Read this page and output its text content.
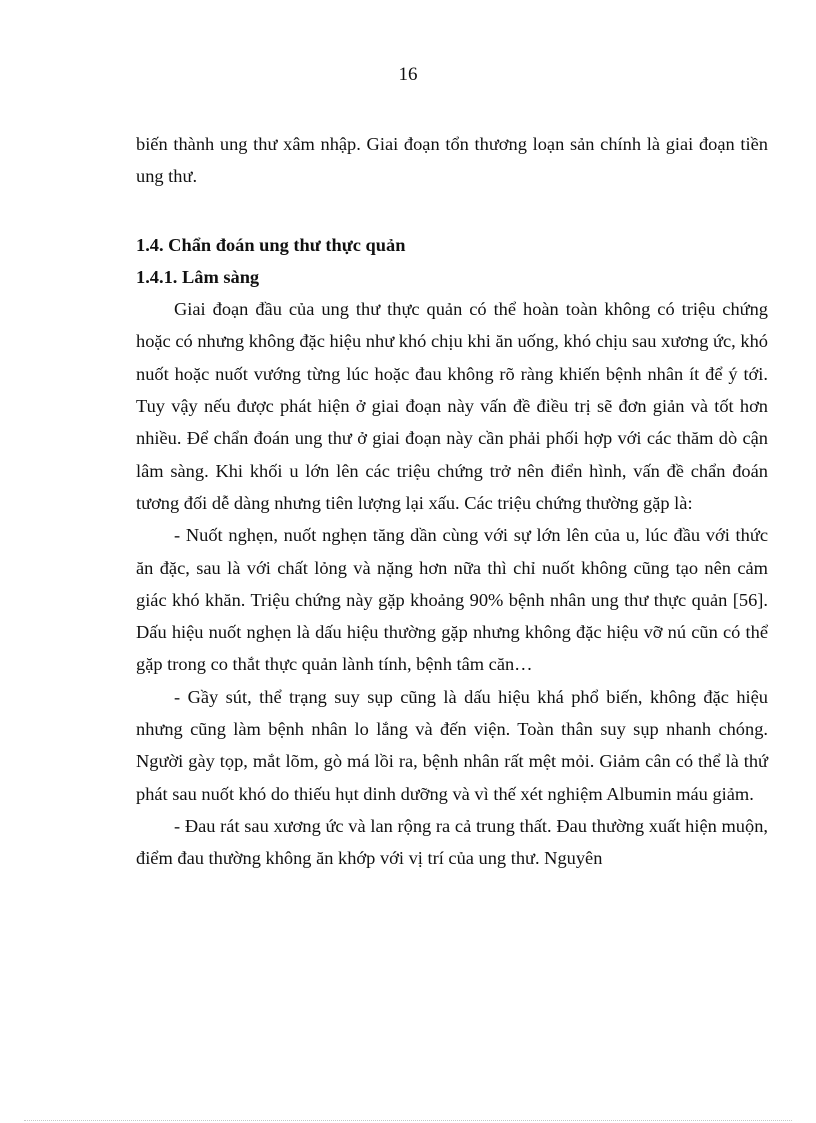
16

biến thành ung thư xâm nhập. Giai đoạn tổn thương loạn sản chính là giai đoạn tiền ung thư.

1.4. Chẩn đoán ung thư thực quản

1.4.1. Lâm sàng

Giai đoạn đầu của ung thư thực quản có thể hoàn toàn không có triệu chứng hoặc có nhưng không đặc hiệu như khó chịu khi ăn uống, khó chịu sau xương ức, khó nuốt hoặc nuốt vướng từng lúc hoặc đau không rõ ràng khiến bệnh nhân ít để ý tới. Tuy vậy nếu được phát hiện ở giai đoạn này vấn đề điều trị sẽ đơn giản và tốt hơn nhiều. Để chẩn đoán ung thư ở giai đoạn này cần phải phối hợp với các thăm dò cận lâm sàng. Khi khối u lớn lên các triệu chứng trở nên điển hình, vấn đề chẩn đoán tương đối dễ dàng nhưng tiên lượng lại xấu. Các triệu chứng thường gặp là:

- Nuốt nghẹn, nuốt nghẹn tăng dần cùng với sự lớn lên của u, lúc đầu với thức ăn đặc, sau là với chất lỏng và nặng hơn nữa thì chỉ nuốt không cũng tạo nên cảm giác khó khăn. Triệu chứng này gặp khoảng 90% bệnh nhân ung thư thực quản [56]. Dấu hiệu nuốt nghẹn là dấu hiệu thường gặp nhưng không đặc hiệu vỡ nú cũn có thể gặp trong co thắt thực quản lành tính, bệnh tâm căn…

- Gầy sút, thể trạng suy sụp cũng là dấu hiệu khá phổ biến, không đặc hiệu nhưng cũng làm bệnh nhân lo lắng và đến viện. Toàn thân suy sụp nhanh chóng. Người gày tọp, mắt lõm, gò má lồi ra, bệnh nhân rất mệt mỏi. Giảm cân có thể là thứ phát sau nuốt khó do thiếu hụt dinh dưỡng và vì thế xét nghiệm Albumin máu giảm.

- Đau rát sau xương ức và lan rộng ra cả trung thất. Đau thường xuất hiện muộn, điểm đau thường không ăn khớp với vị trí của ung thư. Nguyên
